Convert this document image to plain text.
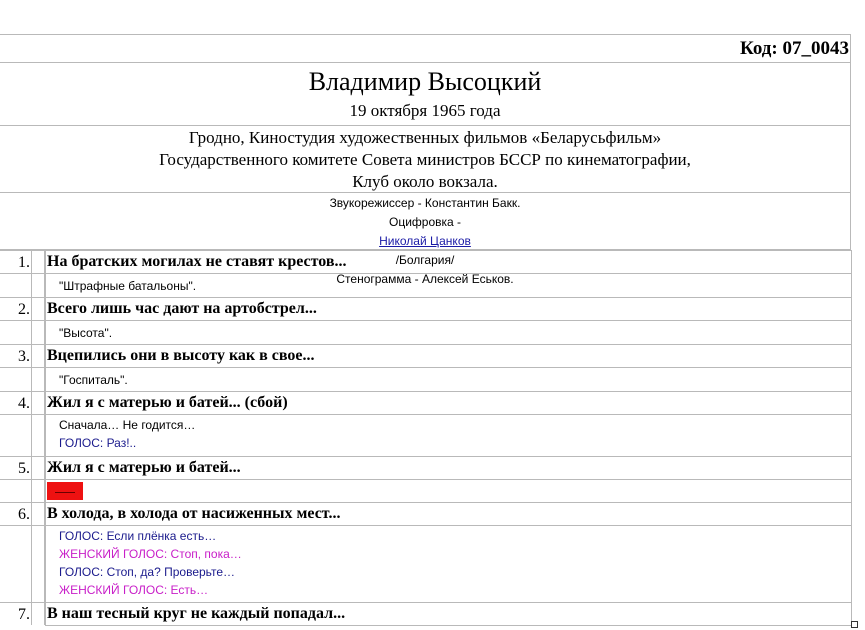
Код: 07_0043
Владимир Высоцкий
19 октября 1965 года
Гродно, Киностудия художественных фильмов «Беларусьфильм»
Государственного комитете Совета министров БССР по кинематографии,
Клуб около вокзала.
Звукорежиссер - Константин Бакк.
Оцифровка -
Николай Цанков
/Болгария/
Стенограмма - Алексей Еськов.
1. На братских могилах не ставят крестов...
"Штрафные батальоны".
2. Всего лишь час дают на артобстрел...
"Высота".
3. Вцепились они в высоту как в свое...
"Госпиталь".
4. Жил я с матерью и батей... (сбой)
Сначала… Не годится…
ГОЛОС: Раз!..
5. Жил я с матерью и батей...
6. В холода, в холода от насиженных мест...
ГОЛОС: Если плёнка есть…
ЖЕНСКИЙ ГОЛОС: Стоп, пока…
ГОЛОС: Стоп, да? Проверьте…
ЖЕНСКИЙ ГОЛОС: Есть…
7. В наш тесный круг не каждый попадал...
